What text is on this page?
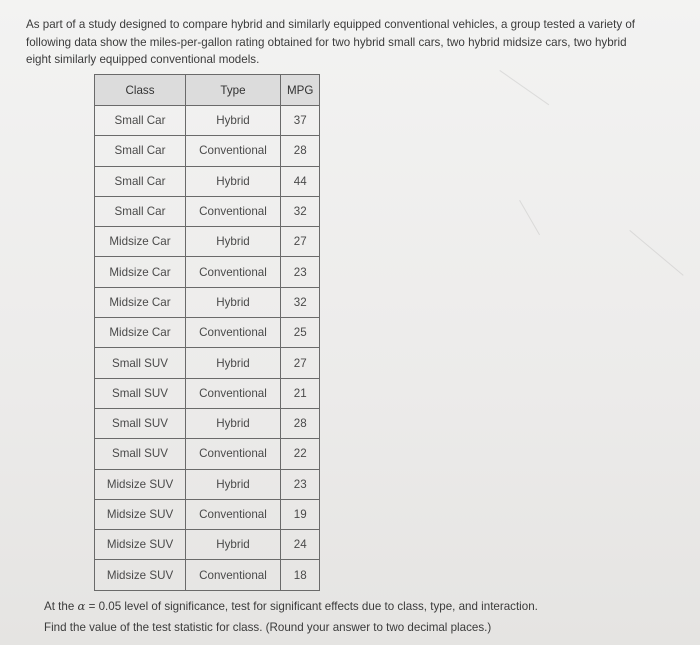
As part of a study designed to compare hybrid and similarly equipped conventional vehicles, a group tested a variety of
following data show the miles-per-gallon rating obtained for two hybrid small cars, two hybrid midsize cars, two hybrid
eight similarly equipped conventional models.
Class	Type	MPG
Small Car	Hybrid	37
Small Car	Conventional	28
Small Car	Hybrid	44
Small Car	Conventional	32
Midsize Car	Hybrid	27
Midsize Car	Conventional	23
Midsize Car	Hybrid	32
Midsize Car	Conventional	25
Small SUV	Hybrid	27
Small SUV	Conventional	21
Small SUV	Hybrid	28
Small SUV	Conventional	22
Midsize SUV	Hybrid	23
Midsize SUV	Conventional	19
Midsize SUV	Hybrid	24
Midsize SUV	Conventional	18
At the α = 0.05 level of significance, test for significant effects due to class, type, and interaction.
Find the value of the test statistic for class. (Round your answer to two decimal places.)
